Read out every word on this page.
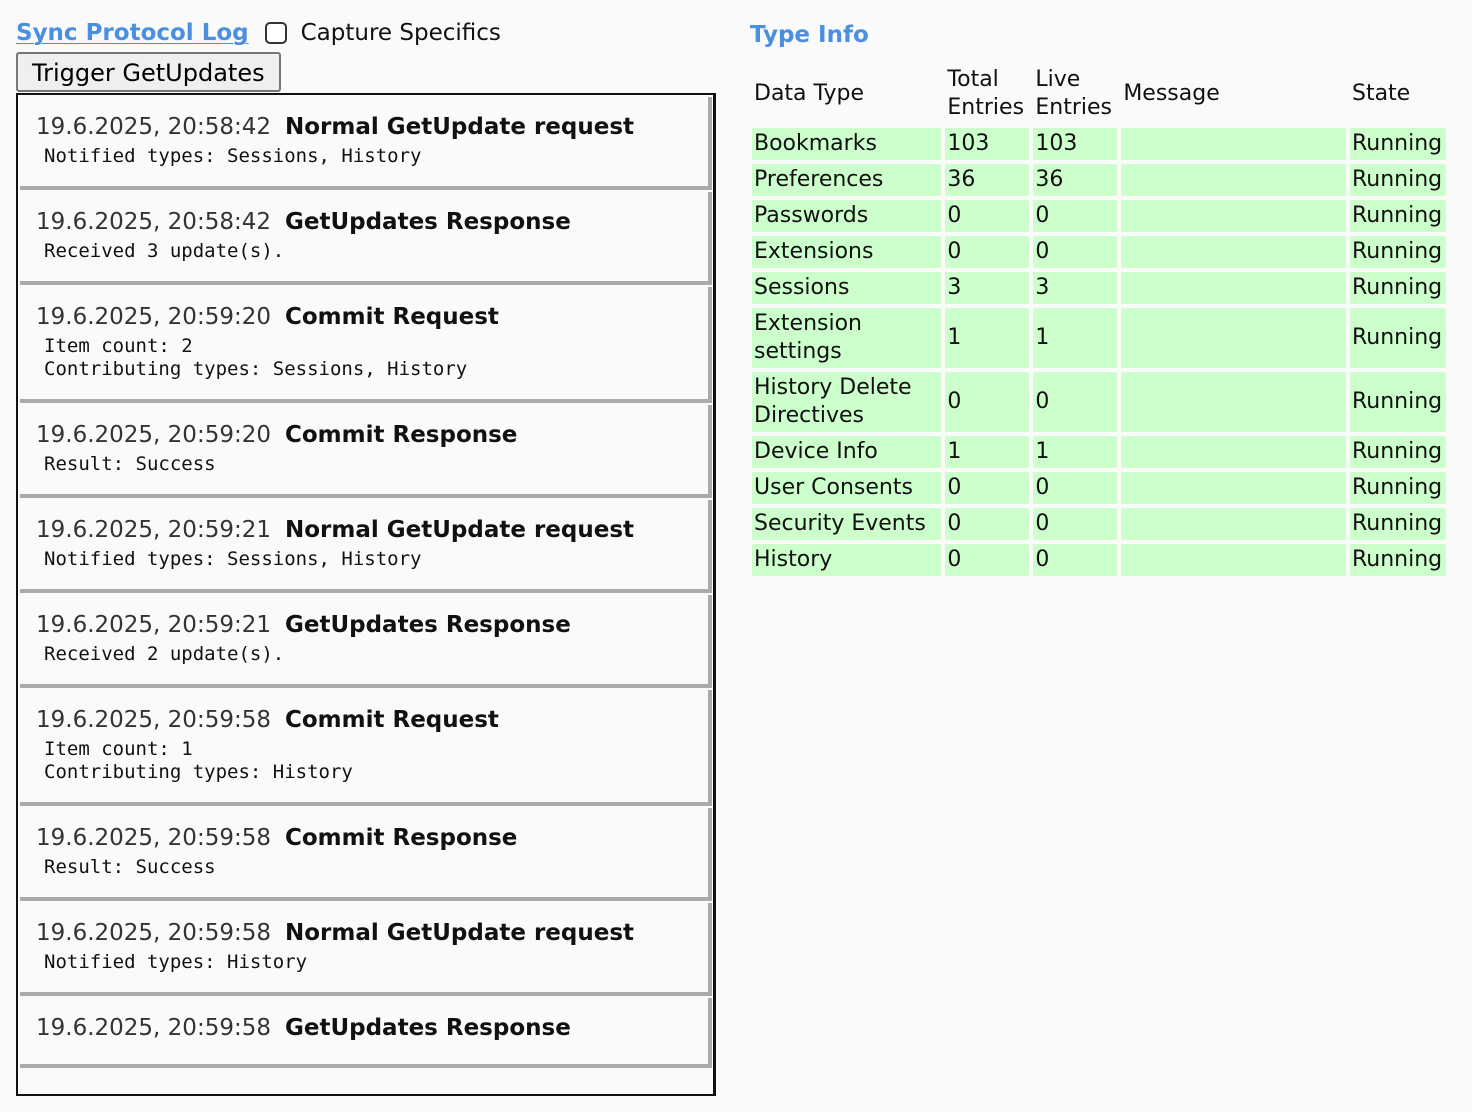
Sync Protocol Log Capture Specifics
Trigger GetUpdates
19.6.2025, 20:58:42 Normal GetUpdate request
Notified types: Sessions, History
19.6.2025, 20:58:42 GetUpdates Response
Received 3 update(s).
19.6.2025, 20:59:20 Commit Request
Item count: 2
Contributing types: Sessions, History
19.6.2025, 20:59:20 Commit Response
Result: Success
19.6.2025, 20:59:21 Normal GetUpdate request
Notified types: Sessions, History
19.6.2025, 20:59:21 GetUpdates Response
Received 2 update(s).
19.6.2025, 20:59:58 Commit Request
Item count: 1
Contributing types: History
19.6.2025, 20:59:58 Commit Response
Result: Success
19.6.2025, 20:59:58 Normal GetUpdate request
Notified types: History
19.6.2025, 20:59:58 GetUpdates Response
Type Info
Data Type	Total Entries	Live Entries	Message	State
Bookmarks	103	103		Running
Preferences	36	36		Running
Passwords	0	0		Running
Extensions	0	0		Running
Sessions	3	3		Running
Extension settings	1	1		Running
History Delete Directives	0	0		Running
Device Info	1	1		Running
User Consents	0	0		Running
Security Events	0	0		Running
History	0	0		Running
